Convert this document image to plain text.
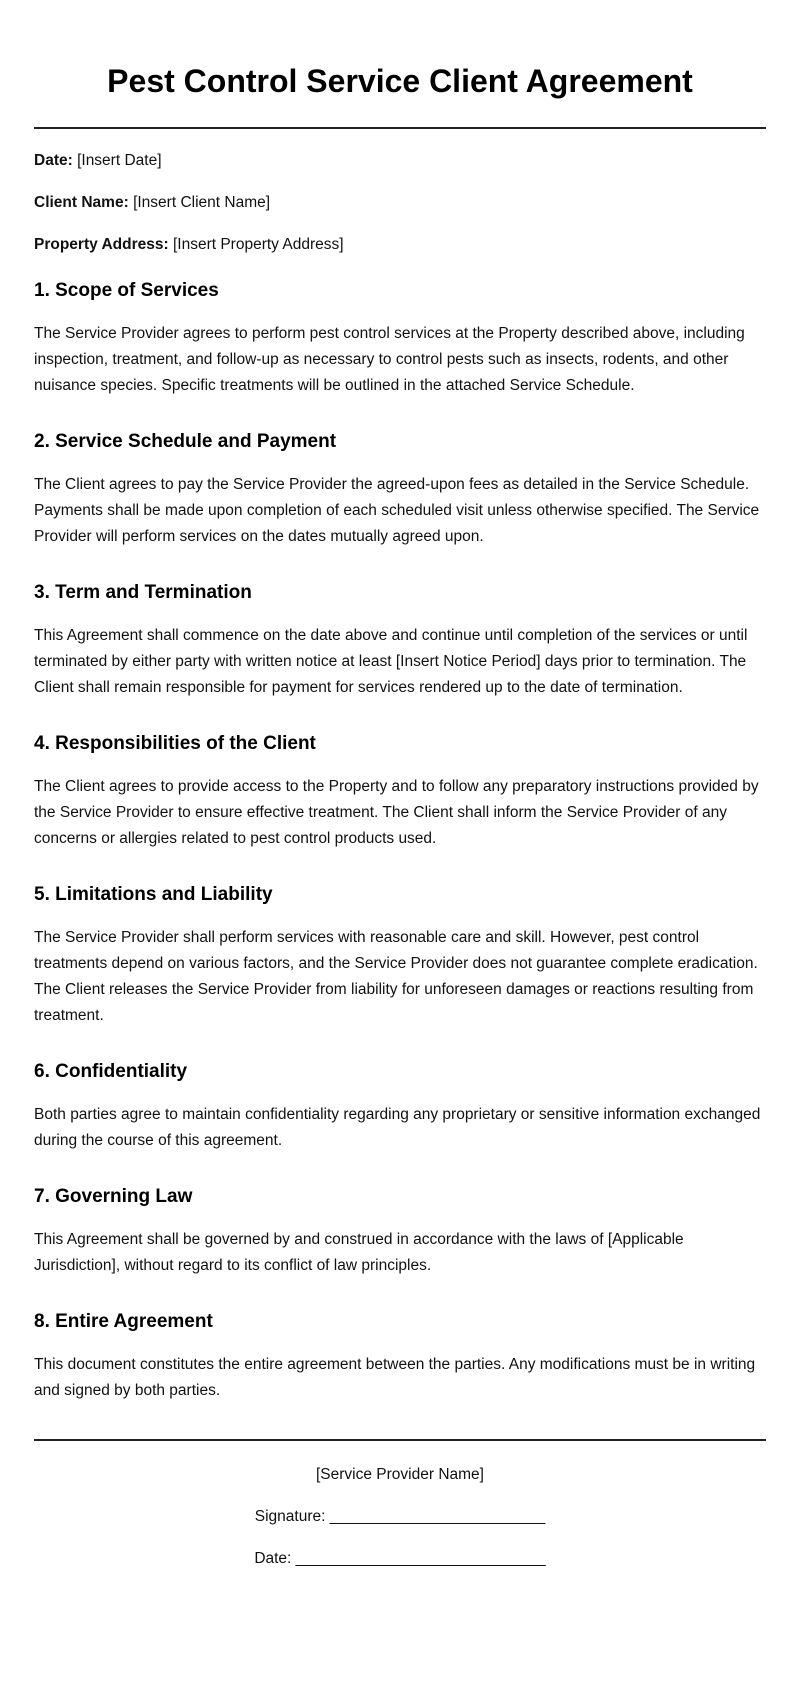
Pest Control Service Client Agreement

Date: [Insert Date]

Client Name: [Insert Client Name]

Property Address: [Insert Property Address]

1. Scope of Services

The Service Provider agrees to perform pest control services at the Property described above, including inspection, treatment, and follow-up as necessary to control pests such as insects, rodents, and other nuisance species. Specific treatments will be outlined in the attached Service Schedule.

2. Service Schedule and Payment

The Client agrees to pay the Service Provider the agreed-upon fees as detailed in the Service Schedule. Payments shall be made upon completion of each scheduled visit unless otherwise specified. The Service Provider will perform services on the dates mutually agreed upon.

3. Term and Termination

This Agreement shall commence on the date above and continue until completion of the services or until terminated by either party with written notice at least [Insert Notice Period] days prior to termination. The Client shall remain responsible for payment for services rendered up to the date of termination.

4. Responsibilities of the Client

The Client agrees to provide access to the Property and to follow any preparatory instructions provided by the Service Provider to ensure effective treatment. The Client shall inform the Service Provider of any concerns or allergies related to pest control products used.

5. Limitations and Liability

The Service Provider shall perform services with reasonable care and skill. However, pest control treatments depend on various factors, and the Service Provider does not guarantee complete eradication. The Client releases the Service Provider from liability for unforeseen damages or reactions resulting from treatment.

6. Confidentiality

Both parties agree to maintain confidentiality regarding any proprietary or sensitive information exchanged during the course of this agreement.

7. Governing Law

This Agreement shall be governed by and construed in accordance with the laws of [Applicable Jurisdiction], without regard to its conflict of law principles.

8. Entire Agreement

This document constitutes the entire agreement between the parties. Any modifications must be in writing and signed by both parties.

[Service Provider Name]
Signature: _________________________
Date: _____________________________
